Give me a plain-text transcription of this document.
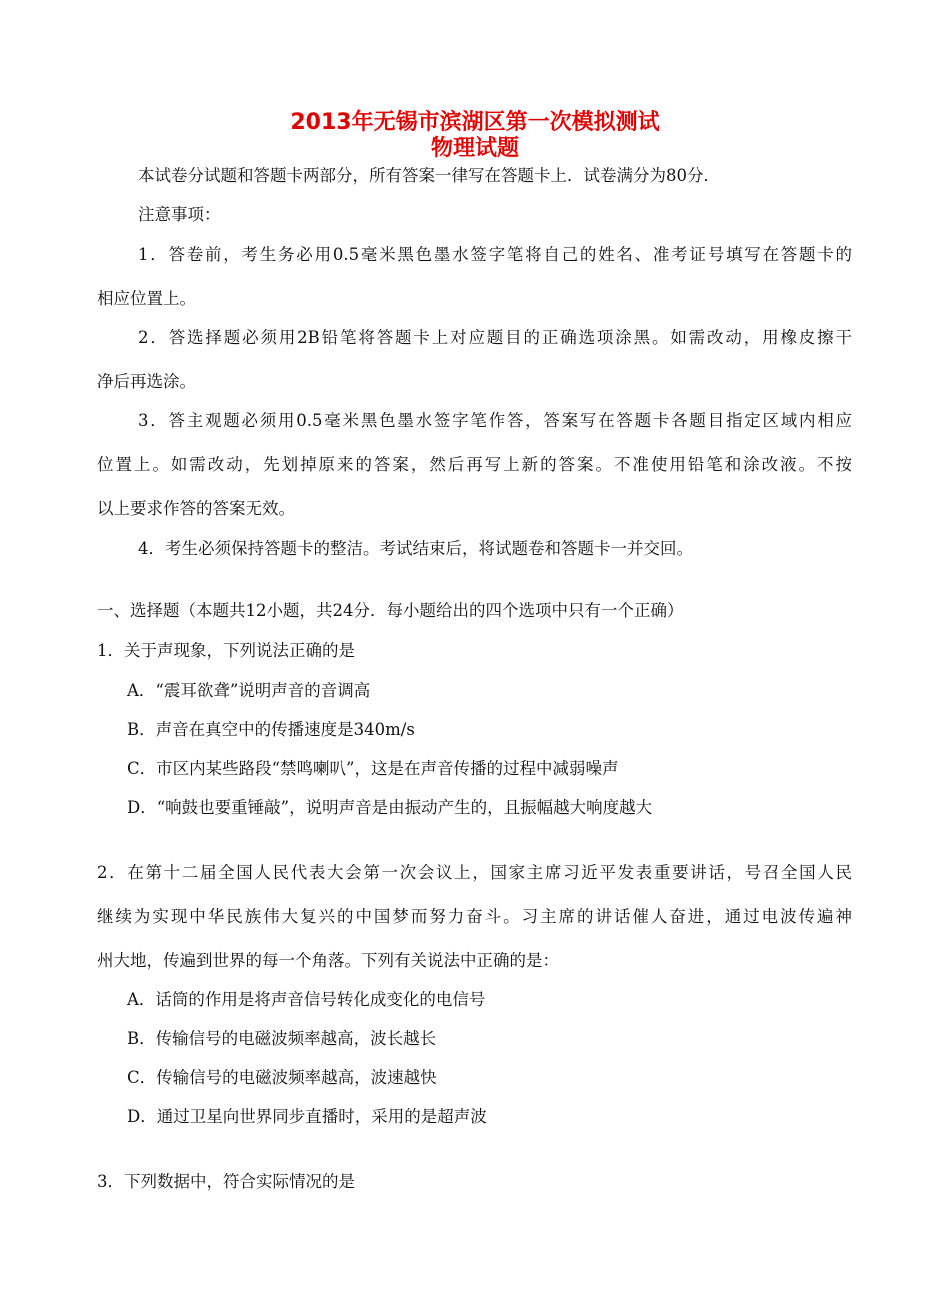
2013年无锡市滨湖区第一次模拟测试
物理试题
本试卷分试题和答题卡两部分，所有答案一律写在答题卡上．试卷满分为80分．
注意事项：
1．答卷前，考生务必用0.5毫米黑色墨水签字笔将自己的姓名、准考证号填写在答题卡的
相应位置上。
2．答选择题必须用2B铅笔将答题卡上对应题目的正确选项涂黑。如需改动，用橡皮擦干
净后再选涂。
3．答主观题必须用0.5毫米黑色墨水签字笔作答，答案写在答题卡各题目指定区域内相应
位置上。如需改动，先划掉原来的答案，然后再写上新的答案。不准使用铅笔和涂改液。不按
以上要求作答的答案无效。
4．考生必须保持答题卡的整洁。考试结束后，将试题卷和答题卡一并交回。
一、选择题（本题共12小题，共24分．每小题给出的四个选项中只有一个正确）
1．关于声现象，下列说法正确的是
A．“震耳欲聋”说明声音的音调高
B．声音在真空中的传播速度是340m/s
C．市区内某些路段“禁鸣喇叭”，这是在声音传播的过程中减弱噪声
D．“响鼓也要重锤敲”，说明声音是由振动产生的，且振幅越大响度越大
2．在第十二届全国人民代表大会第一次会议上，国家主席习近平发表重要讲话，号召全国人民
继续为实现中华民族伟大复兴的中国梦而努力奋斗。习主席的讲话催人奋进，通过电波传遍神
州大地，传遍到世界的每一个角落。下列有关说法中正确的是：
A．话筒的作用是将声音信号转化成变化的电信号
B．传输信号的电磁波频率越高，波长越长
C．传输信号的电磁波频率越高，波速越快
D．通过卫星向世界同步直播时，采用的是超声波
3．下列数据中，符合实际情况的是
